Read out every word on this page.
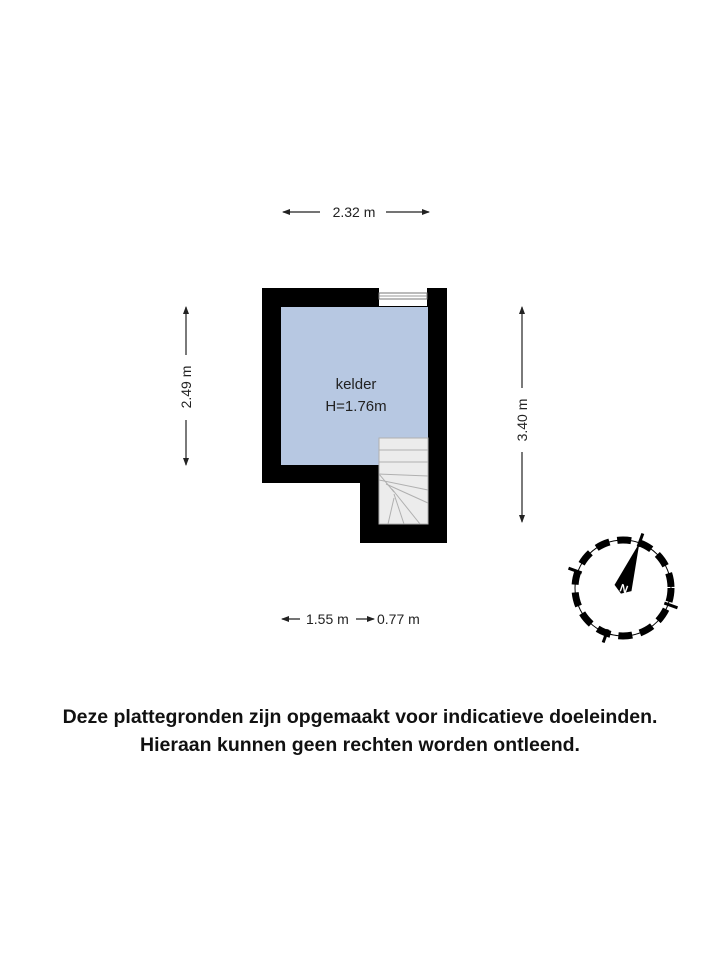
2.32 m
2.49 m
3.40 m
kelder
H=1.76m
1.55 m 0.77 m
N
Deze plattegronden zijn opgemaakt voor indicatieve doeleinden.
Hieraan kunnen geen rechten worden ontleend.
